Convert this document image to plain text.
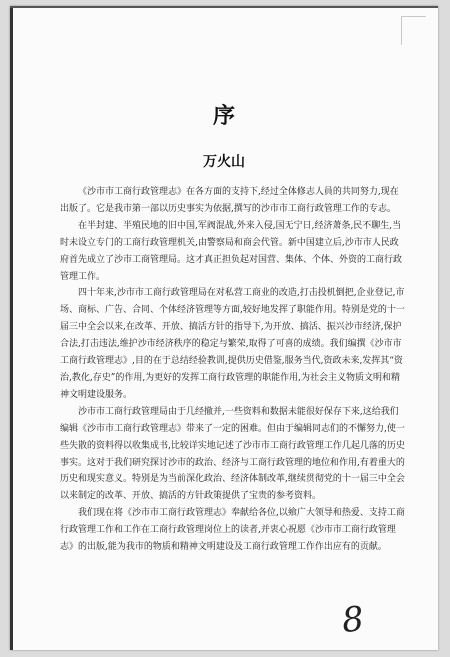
序
万火山

《沙市市工商行政管理志》在各方面的支持下,经过全体修志人員的共同努力,现在出版了。它是我市第一部以历史事实为依据,撰写的沙市市工商行政管理工作的专志。

在半封建、半殖民地的旧中国,军阀混战,外来入侵,国无宁日,经济萧条,民不聊生,当时未设立专门的工商行政管理机关,由警察局和商会代管。新中国建立后,沙市市人民政府首先成立了沙市工商管理局。这才真正担负起对国营、集体、个体、外资的工商行政管理工作。

四十年来,沙市市工商行政管理局在对私营工商业的改造,打击投机倒把,企业登记,市场、商标、广告、合同、个体经济管理等方面,较好地发挥了职能作用。特别是党的十一届三中全会以来,在改革、开放、搞活方针的指导下,为开放、搞活、振兴沙市经济,保护合法,打击违法,维护沙市经济秩序的稳定与繁荣,取得了可喜的成绩。我们编撰《沙市市工商行政管理志》,目的在于总结经验教训,提供历史借鉴,服务当代,资政未来,发挥其“资治,教化,存史”的作用,为更好的发挥工商行政管理的职能作用,为社会主义物质文明和精神文明建设服务。

沙市市工商行政管理局由于几经撤并,一些资料和数据未能很好保存下来,这给我们编辑《沙市市工商行政管理志》带来了一定的困难。但由于编辑同志们的不懈努力,使一些失散的资料得以收集成书,比较详实地记述了沙市市工商行政管理工作几起几落的历史事实。这对于我们研究探讨沙市的政治、经济与工商行政管理的地位和作用,有着重大的历史和现实意义。特别是为当前深化政治、经济体制改革,继续贯彻党的十一届三中全会以来制定的改革、开放、搞活的方针政策提供了宝贵的参考资料。

我们现在将《沙市市工商行政管理志》奉献给各位,以飨广大领导和热爱、支持工商行政管理工作和工作在工商行政管理岗位上的读者,并衷心祝愿《沙市市工商行政管理志》的出版,能为我市的物质和精神文明建设及工商行政管理工作作出应有的贡献。

8
